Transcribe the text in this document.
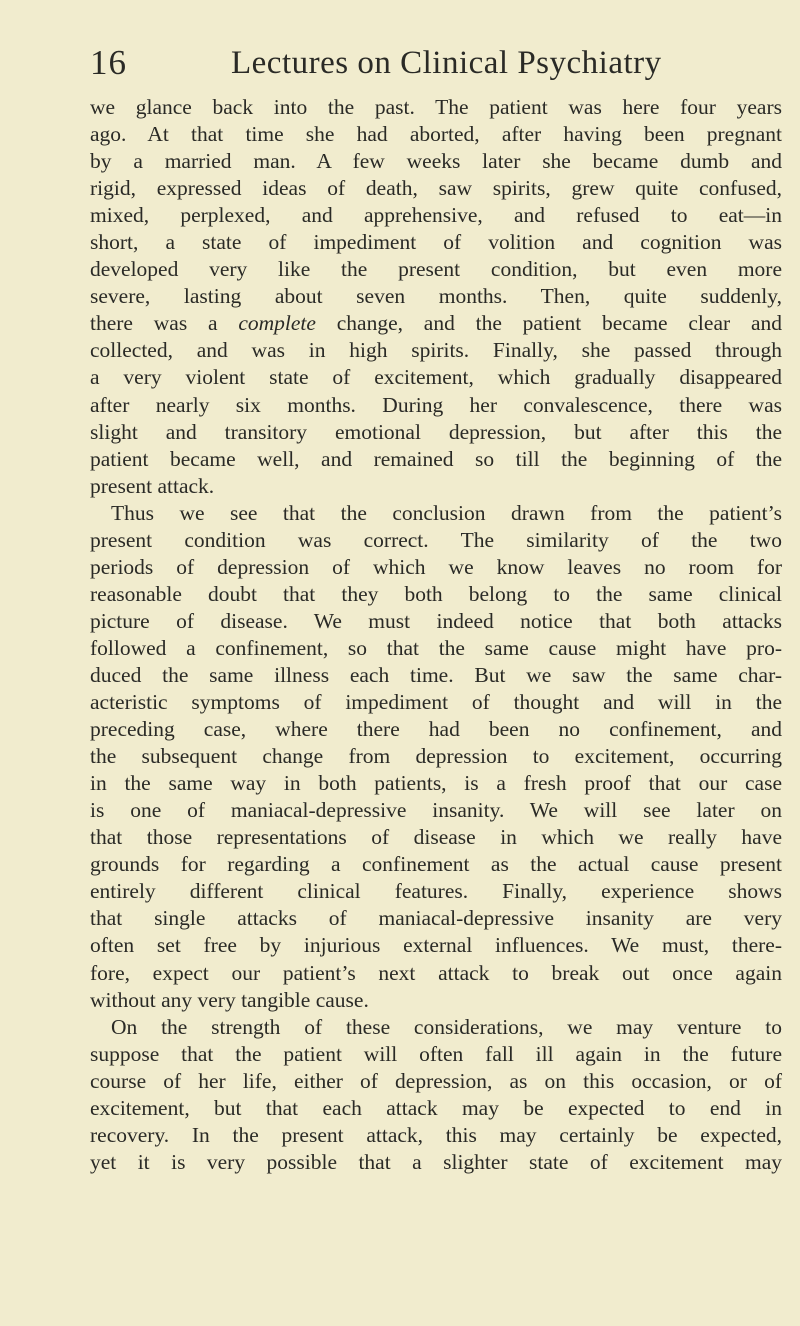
16	Lectures on Clinical Psychiatry
we glance back into the past. The patient was here four years
ago. At that time she had aborted, after having been pregnant
by a married man. A few weeks later she became dumb and
rigid, expressed ideas of death, saw spirits, grew quite confused,
mixed, perplexed, and apprehensive, and refused to eat—in
short, a state of impediment of volition and cognition was
developed very like the present condition, but even more
severe, lasting about seven months. Then, quite suddenly,
there was a complete change, and the patient became clear and
collected, and was in high spirits. Finally, she passed through
a very violent state of excitement, which gradually disappeared
after nearly six months. During her convalescence, there was
slight and transitory emotional depression, but after this the
patient became well, and remained so till the beginning of the
present attack.
Thus we see that the conclusion drawn from the patient’s
present condition was correct. The similarity of the two
periods of depression of which we know leaves no room for
reasonable doubt that they both belong to the same clinical
picture of disease. We must indeed notice that both attacks
followed a confinement, so that the same cause might have pro-
duced the same illness each time. But we saw the same char-
acteristic symptoms of impediment of thought and will in the
preceding case, where there had been no confinement, and
the subsequent change from depression to excitement, occurring
in the same way in both patients, is a fresh proof that our case
is one of maniacal-depressive insanity. We will see later on
that those representations of disease in which we really have
grounds for regarding a confinement as the actual cause present
entirely different clinical features. Finally, experience shows
that single attacks of maniacal-depressive insanity are very
often set free by injurious external influences. We must, there-
fore, expect our patient’s next attack to break out once again
without any very tangible cause.
On the strength of these considerations, we may venture to
suppose that the patient will often fall ill again in the future
course of her life, either of depression, as on this occasion, or of
excitement, but that each attack may be expected to end in
recovery. In the present attack, this may certainly be expected,
yet it is very possible that a slighter state of excitement may
